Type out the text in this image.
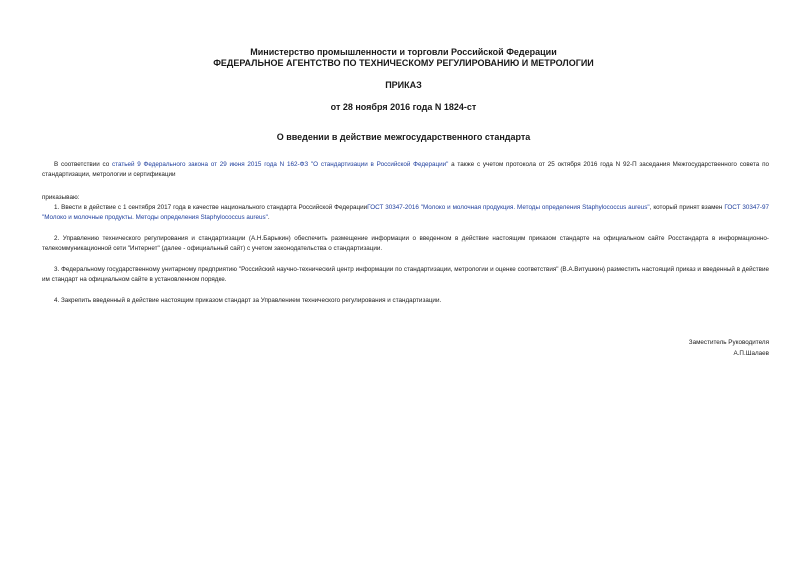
Министерство промышленности и торговли Российской Федерации
ФЕДЕРАЛЬНОЕ АГЕНТСТВО ПО ТЕХНИЧЕСКОМУ РЕГУЛИРОВАНИЮ И МЕТРОЛОГИИ
ПРИКАЗ
от 28 ноября 2016 года N 1824-ст
О введении в действие межгосударственного стандарта
В соответствии со статьей 9 Федерального закона от 29 июня 2015 года N 162-ФЗ "О стандартизации в Российской Федерации" а также с учетом протокола от 25 октября 2016 года N 92-П заседания Межгосударственного совета по стандартизации, метрологии и сертификации
приказываю:
1. Ввести в действие с 1 сентября 2017 года в качестве национального стандарта Российской ФедерацииГОСТ 30347-2016 "Молоко и молочная продукция. Методы определения Staphylococcus aureus", который принят взамен ГОСТ 30347-97 "Молоко и молочные продукты. Методы определения Staphylococcus aureus".
2. Управлению технического регулирования и стандартизации (А.Н.Барыкин) обеспечить размещение информации о введенном в действие настоящим приказом стандарте на официальном сайте Росстандарта в информационно-телекоммуникационной сети "Интернет" (далее - официальный сайт) с учетом законодательства о стандартизации.
3. Федеральному государственному унитарному предприятию "Российский научно-технический центр информации по стандартизации, метрологии и оценке соответствия" (В.А.Витушкин) разместить настоящий приказ и введенный в действие им стандарт на официальном сайте в установленном порядке.
4. Закрепить введенный в действие настоящим приказом стандарт за Управлением технического регулирования и стандартизации.
Заместитель Руководителя
А.П.Шалаев
